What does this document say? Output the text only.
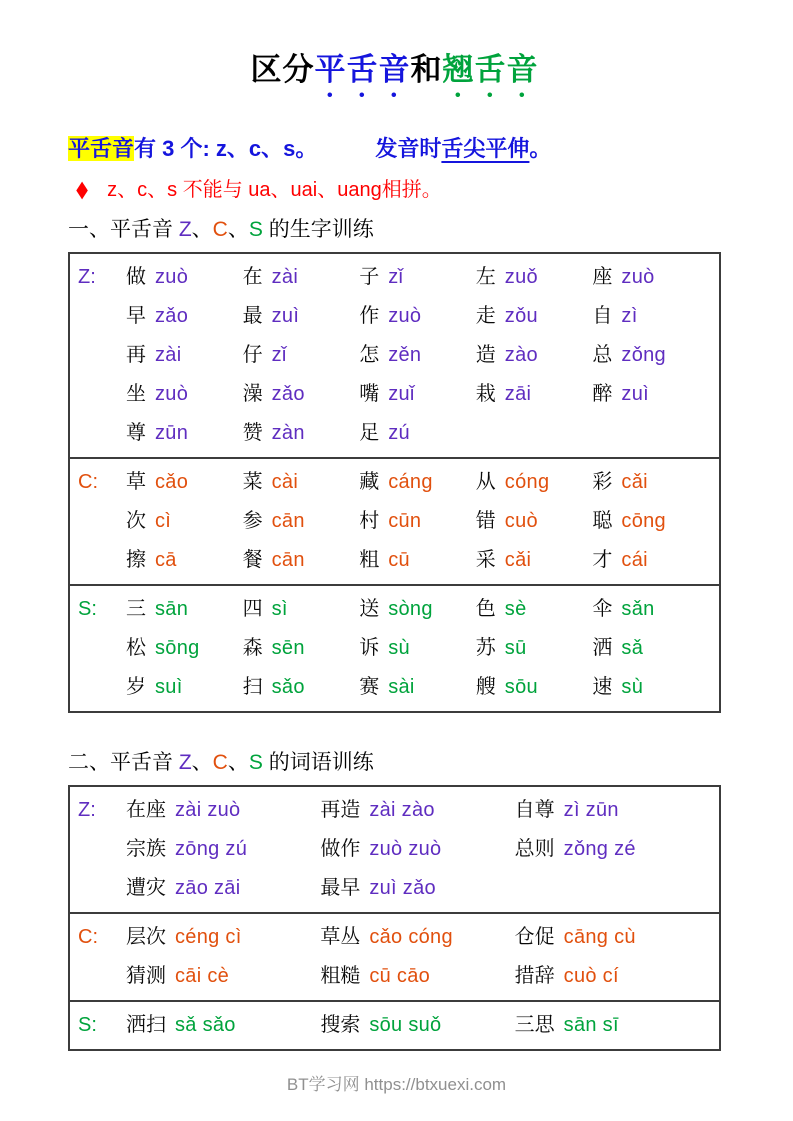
区分平舌音和翘舌音

平舌音有 3 个: z、c、s。	发音时舌尖平伸。

◆ z、c、s 不能与 ua、uai、uang相拼。

一、平舌音 Z、C、S 的生字训练
Z:	做 zuò	在 zài	子 zǐ	左 zuǒ	座 zuò
早 zǎo	最 zuì	作 zuò	走 zǒu	自 zì
再 zài	仔 zǐ	怎 zěn	造 zào	总 zǒng
坐 zuò	澡 zǎo	嘴 zuǐ	栽 zāi	醉 zuì
尊 zūn	赞 zàn	足 zú
C:	草 cǎo	菜 cài	藏 cáng	从 cóng	彩 cǎi
次 cì	参 cān	村 cūn	错 cuò	聪 cōng
擦 cā	餐 cān	粗 cū	采 cǎi	才 cái
S:	三 sān	四 sì	送 sòng	色 sè	伞 sǎn
松 sōng	森 sēn	诉 sù	苏 sū	洒 sǎ
岁 suì	扫 sǎo	赛 sài	艘 sōu	速 sù
二、平舌音 Z、C、S 的词语训练
Z:	在座 zài zuò	再造 zài zào	自尊 zì zūn
宗族 zōng zú	做作 zuò zuò	总则 zǒng zé
遭灾 zāo zāi	最早 zuì zǎo
C:	层次 céng cì	草丛 cǎo cóng	仓促 cāng cù
猜测 cāi cè	粗糙 cū cāo	措辞 cuò cí
S:	洒扫 sǎ sǎo	搜索 sōu suǒ	三思 sān sī
BT学习网 https://btxuexi.com
